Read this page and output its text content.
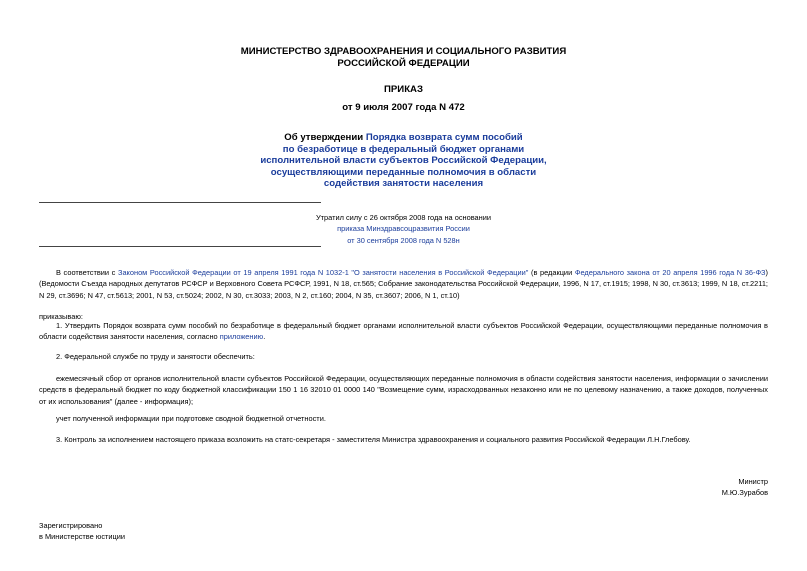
МИНИСТЕРСТВО ЗДРАВООХРАНЕНИЯ И СОЦИАЛЬНОГО РАЗВИТИЯ
РОССИЙСКОЙ ФЕДЕРАЦИИ
ПРИКАЗ
от 9 июля 2007 года N 472
Об утверждении Порядка возврата сумм пособий
по безработице в федеральный бюджет органами
исполнительной власти субъектов Российской Федерации,
осуществляющими переданные полномочия в области
содействия занятости населения
Утратил силу с 26 октября 2008 года на основании
приказа Минздравсоцразвития России
от 30 сентября 2008 года N 528н

В соответствии с Законом Российской Федерации от 19 апреля 1991 года N 1032-1 "О занятости населения в Российской Федерации" (в редакции Федерального закона от 20 апреля 1996 года N 36-ФЗ) (Ведомости Съезда народных депутатов РСФСР и Верховного Совета РСФСР, 1991, N 18, ст.565; Собрание законодательства Российской Федерации, 1996, N 17, ст.1915; 1998, N 30, ст.3613; 1999, N 18, ст.2211; N 29, ст.3696; N 47, ст.5613; 2001, N 53, ст.5024; 2002, N 30, ст.3033; 2003, N 2, ст.160; 2004, N 35, ст.3607; 2006, N 1, ст.10)

приказываю:

1. Утвердить Порядок возврата сумм пособий по безработице в федеральный бюджет органами исполнительной власти субъектов Российской Федерации, осуществляющими переданные полномочия в области содействия занятости населения, согласно приложению.

2. Федеральной службе по труду и занятости обеспечить:

ежемесячный сбор от органов исполнительной власти субъектов Российской Федерации, осуществляющих переданные полномочия в области содействия занятости населения, информации о зачислении средств в федеральный бюджет по коду бюджетной классификации 150 1 16 32010 01 0000 140 "Возмещение сумм, израсходованных незаконно или не по целевому назначению, а также доходов, полученных от их использования" (далее - информация);

учет полученной информации при подготовке сводной бюджетной отчетности.

3. Контроль за исполнением настоящего приказа возложить на статс-секретаря - заместителя Министра здравоохранения и социального развития Российской Федерации Л.Н.Глебову.

Министр
М.Ю.Зурабов
Зарегистрировано
в Министерстве юстиции
